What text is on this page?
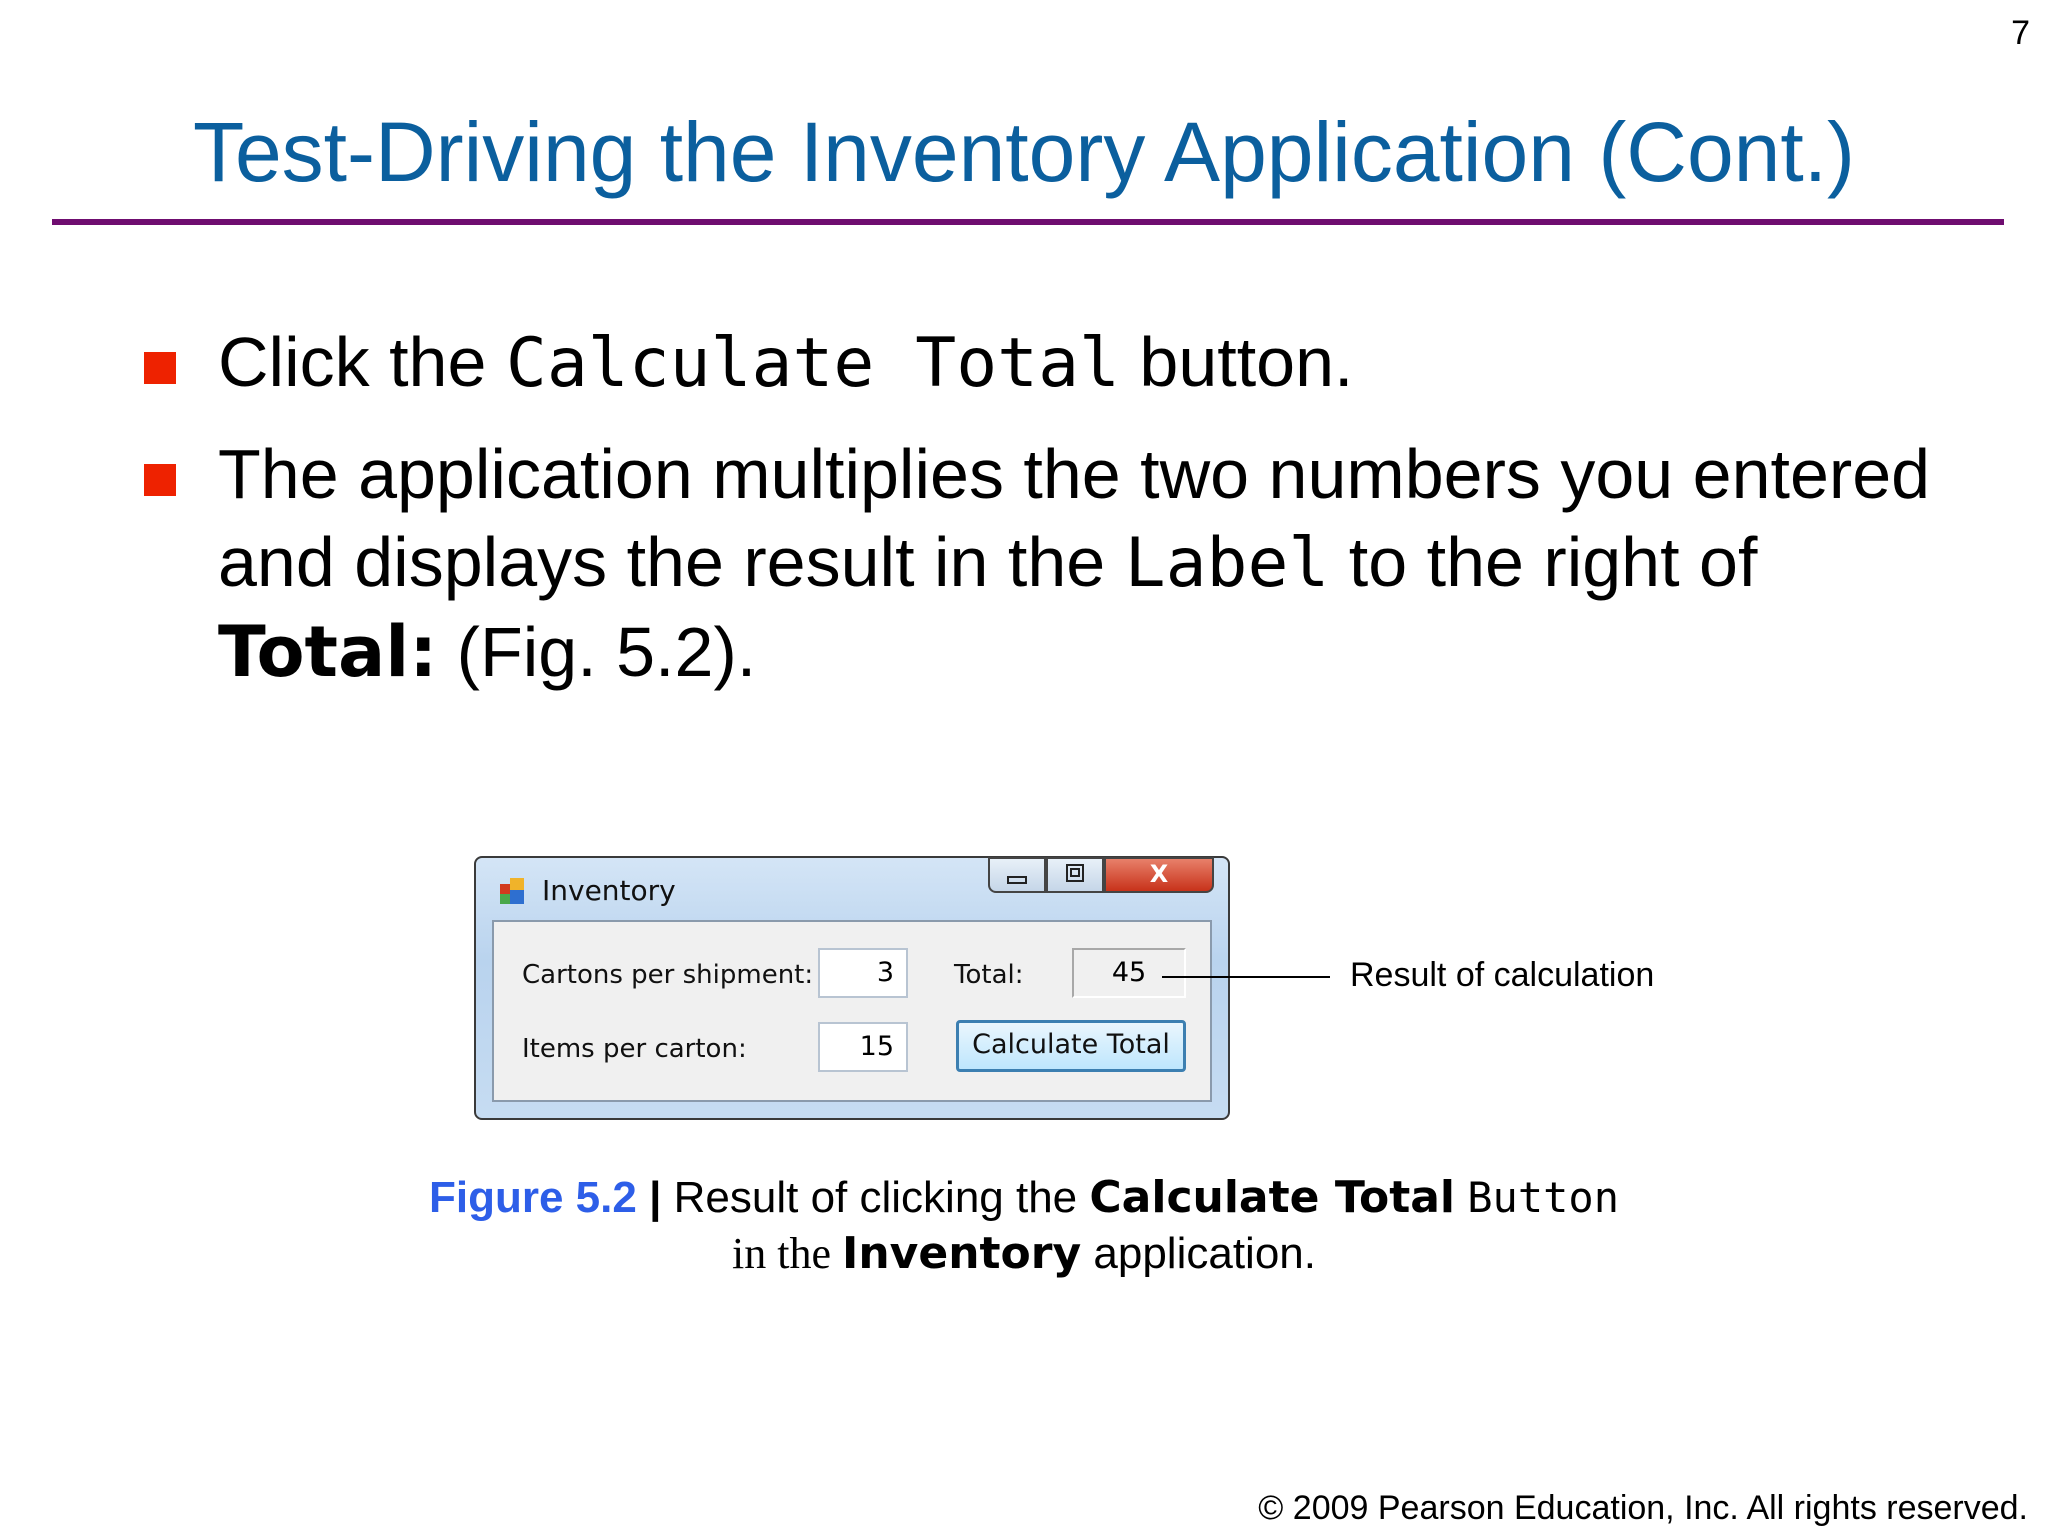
7
Test-Driving the Inventory Application (Cont.)
Click the Calculate Total button.
The application multiplies the two numbers you entered and displays the result in the Label to the right of Total: (Fig. 5.2).
Inventory	X
Cartons per shipment:	3	Total:	45
Items per carton:	15	Calculate Total
Result of calculation
Figure 5.2 | Result of clicking the Calculate Total Button
in the Inventory application.
© 2009 Pearson Education, Inc. All rights reserved.
